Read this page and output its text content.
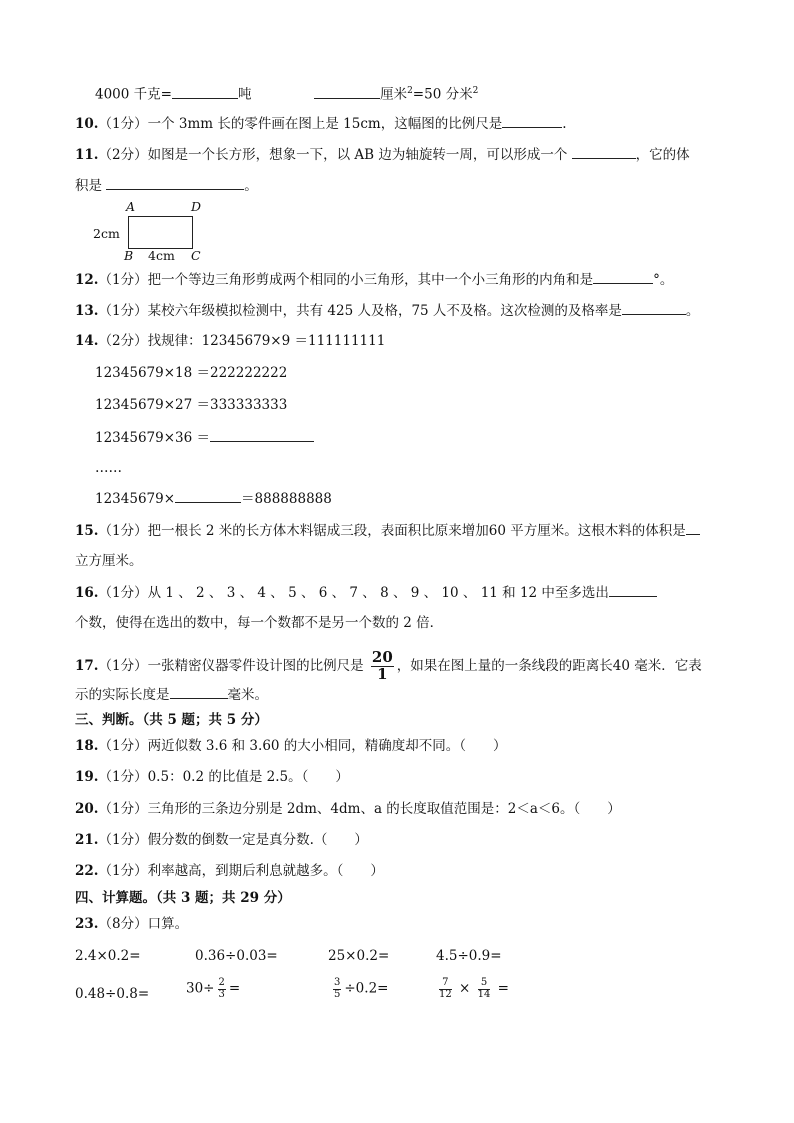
4000 千克=	吨	厘米$^2$=50 分米$^2$
10.（1分）一个 3mm 长的零件画在图上是 15cm，这幅图的比例尺是	.
11.（2分）如图是一个长方形，想象一下，以 AB 边为轴旋转一周，可以形成一个	，它的体
积是	。
A	D
2cm
B 4cm C
12.（1分）把一个等边三角形剪成两个相同的小三角形，其中一个小三角形的内角和是	°。
13.（1分）某校六年级模拟检测中，共有 425 人及格，75 人不及格。这次检测的及格率是	。
14.（2分）找规律：12345679×9 ＝111111111
12345679×18 ＝222222222
12345679×27 ＝333333333
12345679×36 ＝
……
12345679×	＝888888888
15.（1分）把一根长 2 米的长方体木料锯成三段，表面积比原来增加60 平方厘米。这根木料的体积是
立方厘米。
16.（1分）从 1 、 2 、 3 、 4 、 5 、 6 、 7 、 8 、 9 、 10 、 11 和 12 中至多选出
个数，使得在选出的数中，每一个数都不是另一个数的 2 倍．
17.（1分）一张精密仪器零件设计图的比例尺是 $\frac{20}{1}$ ，如果在图上量的一条线段的距离长40 毫米．它表
示的实际长度是	毫米。
三、判断。（共 5 题；共 5 分）
18.（1分）两近似数 3.6 和 3.60 的大小相同，精确度却不同。（　　）
19.（1分）0.5：0.2 的比值是 2.5。（　　）
20.（1分）三角形的三条边分别是 2dm、4dm、a 的长度取值范围是：2＜a＜6。（　　）
21.（1分）假分数的倒数一定是真分数.（　　）
22.（1分）利率越高，到期后利息就越多。（　　）
四、计算题。（共 3 题；共 29 分）
23.（8分）口算。
2.4×0.2=	0.36÷0.03=	25×0.2=	4.5÷0.9=
0.48÷0.8=	$30\div \frac{2}{3}$ =	$\frac{3}{5} \div 0.2=$	$\frac{7}{12} \times \frac{5}{14}$ =
